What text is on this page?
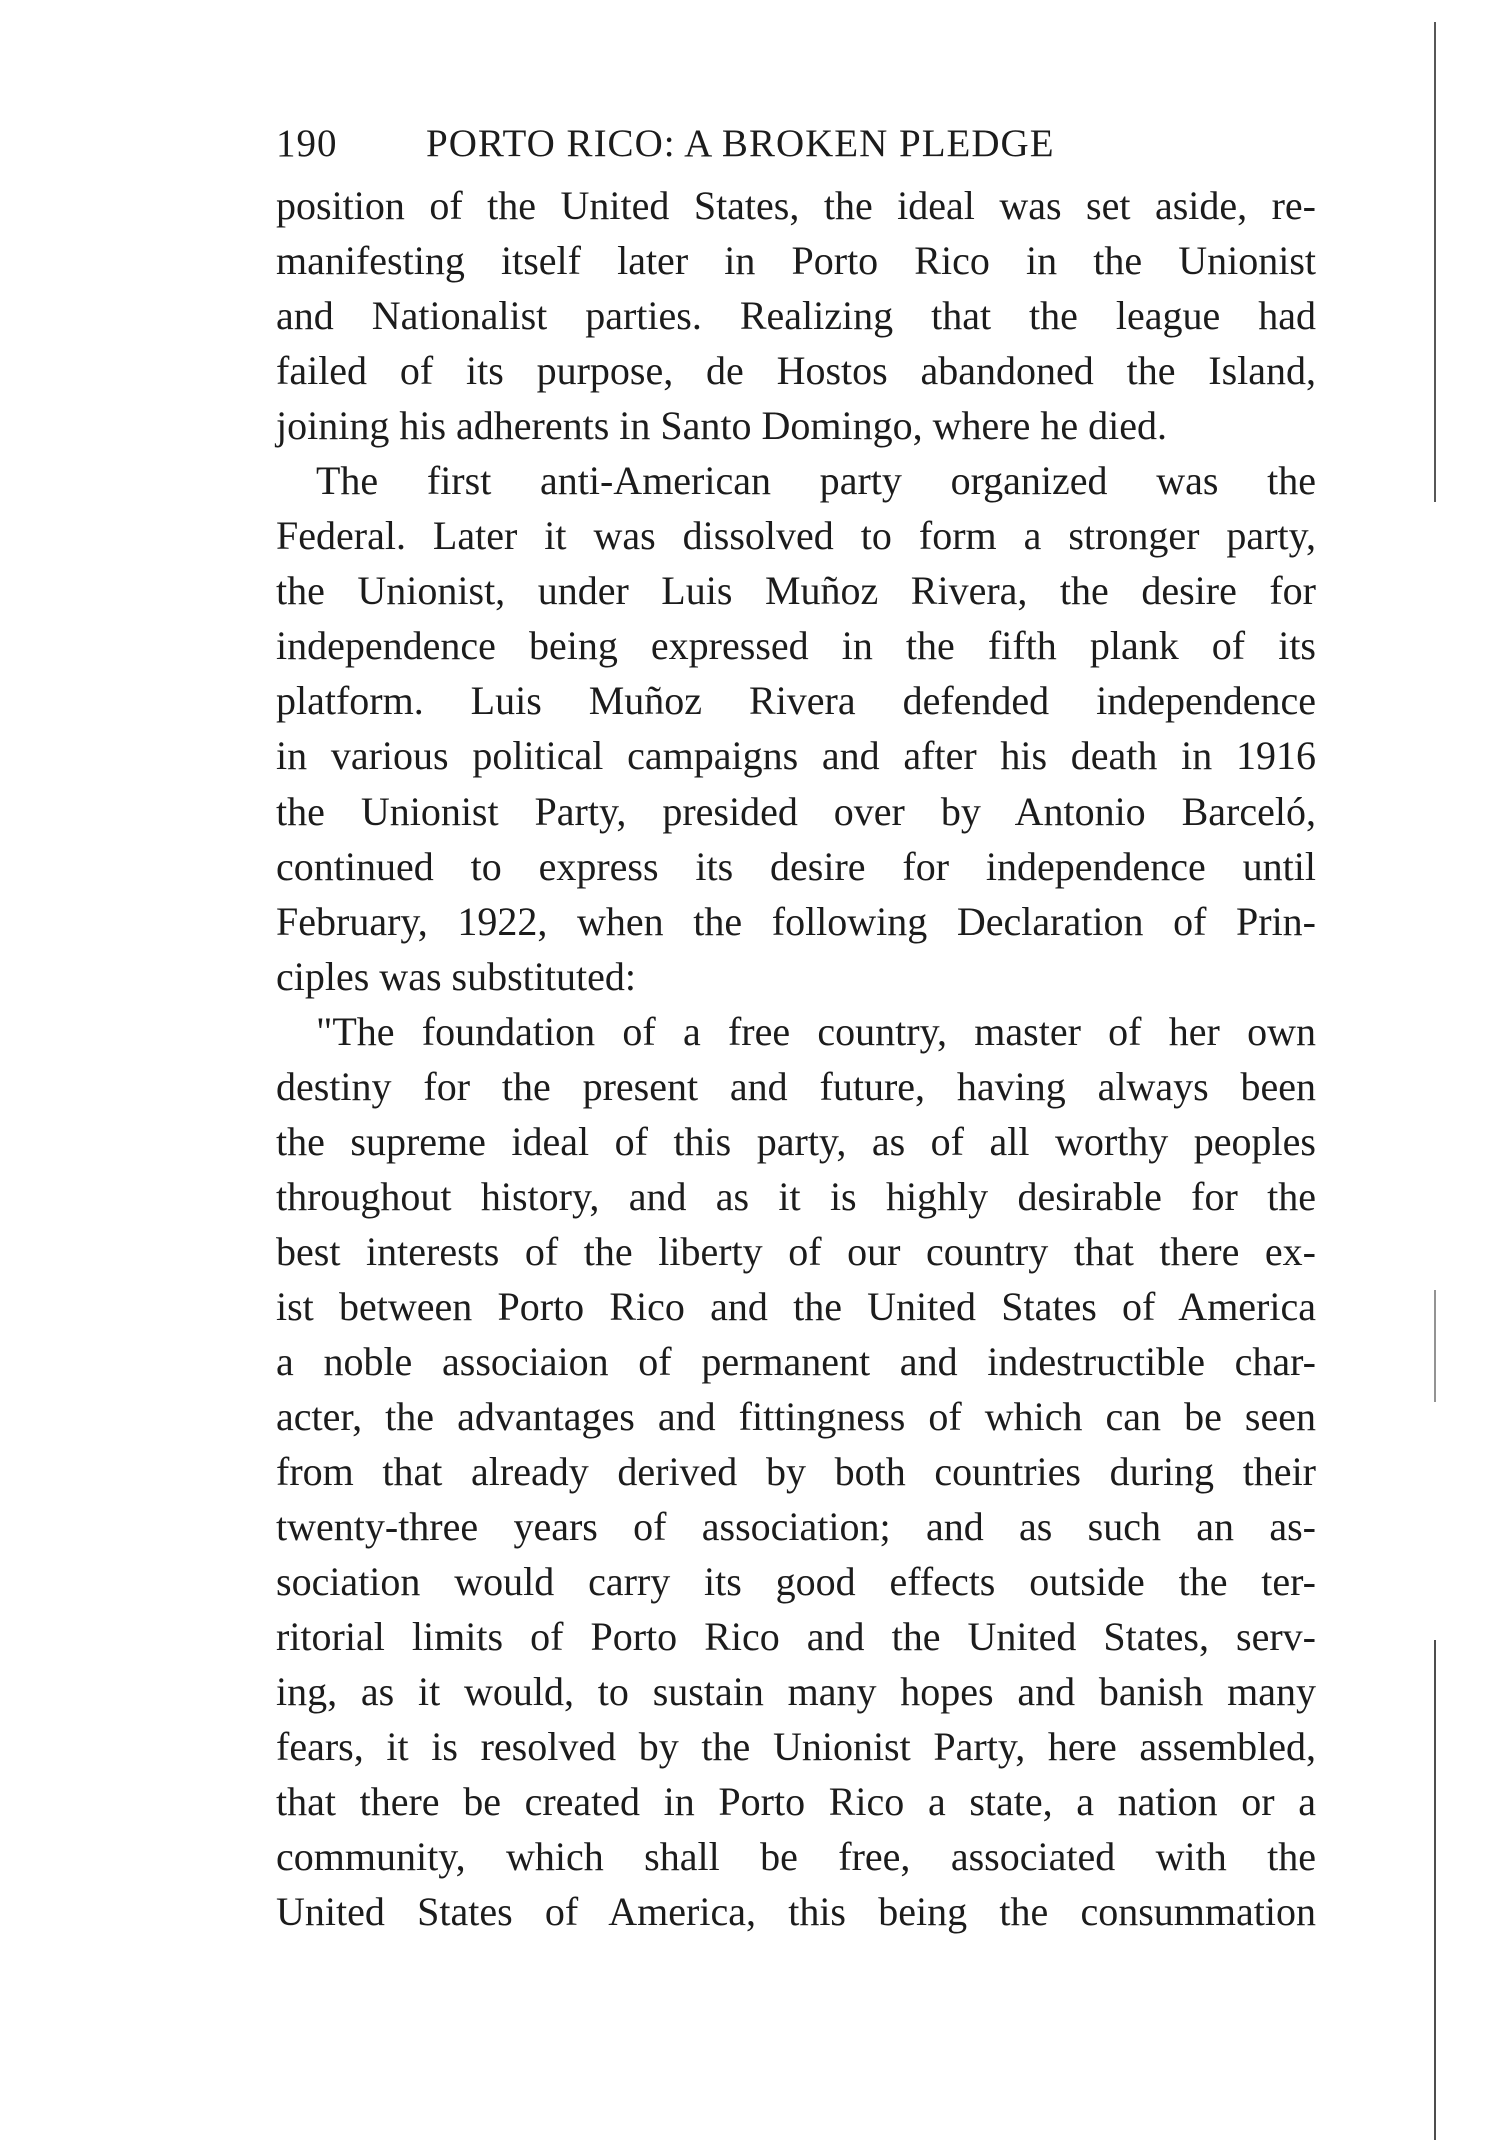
190 PORTO RICO: A BROKEN PLEDGE
position of the United States, the ideal was set aside, re-
manifesting itself later in Porto Rico in the Unionist
and Nationalist parties. Realizing that the league had
failed of its purpose, de Hostos abandoned the Island,
joining his adherents in Santo Domingo, where he died.
The first anti-American party organized was the
Federal. Later it was dissolved to form a stronger party,
the Unionist, under Luis Muñoz Rivera, the desire for
independence being expressed in the fifth plank of its
platform. Luis Muñoz Rivera defended independence
in various political campaigns and after his death in 1916
the Unionist Party, presided over by Antonio Barceló,
continued to express its desire for independence until
February, 1922, when the following Declaration of Prin-
ciples was substituted:
"The foundation of a free country, master of her own
destiny for the present and future, having always been
the supreme ideal of this party, as of all worthy peoples
throughout history, and as it is highly desirable for the
best interests of the liberty of our country that there ex-
ist between Porto Rico and the United States of America
a noble associaion of permanent and indestructible char-
acter, the advantages and fittingness of which can be seen
from that already derived by both countries during their
twenty-three years of association; and as such an as-
sociation would carry its good effects outside the ter-
ritorial limits of Porto Rico and the United States, serv-
ing, as it would, to sustain many hopes and banish many
fears, it is resolved by the Unionist Party, here assembled,
that there be created in Porto Rico a state, a nation or a
community, which shall be free, associated with the
United States of America, this being the consummation
